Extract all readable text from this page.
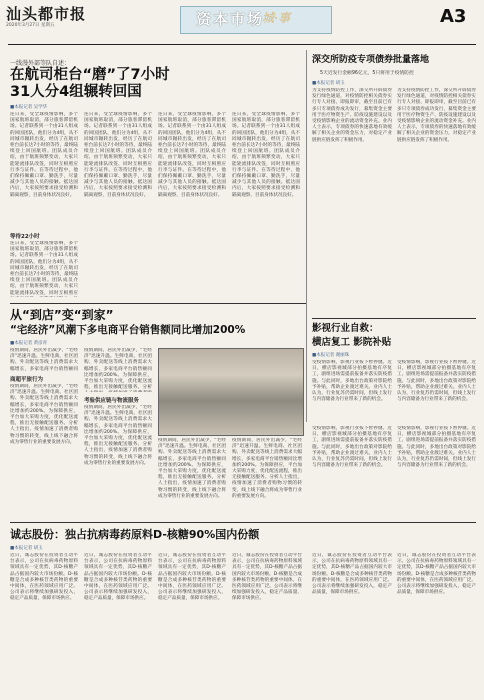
汕头都市报
2020年3月27日 星期五	资本市场
城·事	A3
一线漫外部等队自述：
在航司柜台“磨”了7小时
31人分4组辗转回国
■本报记者 吴学华
连日来，受全球疫情影响，多个国家航班取消，部分旅客滞留机场。记者联系到一个由31人组成的回国团队，他们分为4组，从不同城市辗转出发，经历了在航司柜台前长达7小时的等待，最终陆续登上回国航班。团队成员介绍，由于航班频繁变动，大家只能轮流排队改签，同时互相照应行李与证件。在等待过程中，他们保持佩戴口罩、勤洗手，尽量减少与其他人员的接触。抵达国内后，大家按照要求接受检测和隔离观察，目前身体状况良好。
等待22小时
连日来，受全球疫情影响，多个国家航班取消，部分旅客滞留机场。记者联系到一个由31人组成的回国团队，他们分为4组，从不同城市辗转出发，经历了在航司柜台前长达7小时的等待，最终陆续登上回国航班。团队成员介绍，由于航班频繁变动，大家只能轮流排队改签，同时互相照应
连日来，受全球疫情影响，多个国家航班取消，部分旅客滞留机场。记者联系到一个由31人组成的回国团队，他们分为4组，从不同城市辗转出发，经历了在航司柜台前长达7小时的等待，最终陆续登上回国航班。团队成员介绍，由于航班频繁变动，大家只能轮流排队改签，同时互相照应行李与证件。在等待过程中，他们保持佩戴口罩、勤洗手，尽量减少与其他人员的接触。抵达国内后，大家按照要求接受检测和隔离观察，目前身体状况良好。
连日来，受全球疫情影响，多个国家航班取消，部分旅客滞留机场。记者联系到一个由31人组成的回国团队，他们分为4组，从不同城市辗转出发，经历了在航司柜台前长达7小时的等待，最终陆续登上回国航班。团队成员介绍，由于航班频繁变动，大家只能轮流排队改签，同时互相照应行李与证件。在等待过程中，他们保持佩戴口罩、勤洗手，尽量减少与其他人员的接触。抵达国内后，大家按照要求接受检测和隔离观察，目前身体状况良好。
连日来，受全球疫情影响，多个国家航班取消，部分旅客滞留机场。记者联系到一个由31人组成的回国团队，他们分为4组，从不同城市辗转出发，经历了在航司柜台前长达7小时的等待，最终陆续登上回国航班。团队成员介绍，由于航班频繁变动，大家只能轮流排队改签，同时互相照应行李与证件。在等待过程中，他们保持佩戴口罩、勤洗手，尽量减少与其他人员的接触。抵达国内后，大家按照要求接受检测和隔离观察，目前身体状况良好。
深交所防疫专项债券批量落地
5天近发行金额96亿元，5只将用于疫情防控
■本报记者 胡玉
为支持疫情防控工作，深交所开辟债券发行绿色通道，对疫情防控相关债券实行专人对接、即报即审，截至目前已有多只专项债券成功发行，募集资金主要用于医疗物资生产、防疫设施建设以及受疫情影响企业的流动资金补充。业内人士表示，专项债券的快速落地有效缓解了相关企业的资金压力，对稳定产业链供应链发挥了积极作用。
为支持疫情防控工作，深交所开辟债券发行绿色通道，对疫情防控相关债券实行专人对接、即报即审，截至目前已有多只专项债券成功发行，募集资金主要用于医疗物资生产、防疫设施建设以及受疫情影响企业的流动资金补充。业内人士表示，专项债券的快速落地有效缓解了相关企业的资金压力，对稳定产业链供应链发挥了积极作用。
影视行业自救：
横店复工 影院补贴
■本报记者 谢丽珠
受疫情影响，影视行业按下暂停键。近日，横店影视城部分拍摄基地有序复工，剧组进场需提前报备并落实防疫措施。与此同时，多地出台政策对影院给予补贴，帮助企业渡过难关。业内人士认为，行业复苏仍需时间，但线上发行与内容储备为行业带来了新的机会。
受疫情影响，影视行业按下暂停键。近日，横店影视城部分拍摄基地有序复工，剧组进场需提前报备并落实防疫措施。与此同时，多地出台政策对影院给予补贴，帮助企业渡过难关。业内人士认为，行业复苏仍需时间，但线上发行与内容储备为行业带来了新的机会。
从“到店”变“到家”
“宅经济”风潮下多电商平台销售额同比增加200%
■本报记者 黄彦青
疫情期间，居民外出减少，“宅经济”迅速升温。生鲜电商、社区团购、外卖配送等线上消费需求大幅增长，多家电商平台销售额同
商超平旅行为
疫情期间，居民外出减少，“宅经济”迅速升温。生鲜电商、社区团购、外卖配送等线上消费需求大幅增长，多家电商平台销售额同比增加约200%。为保障供应，平台加大采购力度，优化配送流程，推出无接触配送服务。分析人士指出，疫情加速了消费者购物习惯的转变，线上线下融合将成为零售行业的重要发展方向。
疫情期间，居民外出减少，“宅经济”迅速升温。生鲜电商、社区团购、外卖配送等线上消费需求大幅增长，多家电商平台销售额同比增加约200%。为保障供应，平台加大采购力度，优化配送流程，推出无接触配送服务。分析
考验供应链与物流服务
疫情期间，居民外出减少，“宅经济”迅速升温。生鲜电商、社区团购、外卖配送等线上消费需求大幅增长，多家电商平台销售额同比增加约200%。为保障供应，平台加大采购力度，优化配送流程，推出无接触配送服务。分析人士指出，疫情加速了消费者购物习惯的转变，线上线下融合将成为零售行业的重要发展方向。
疫情期间，居民外出减少，“宅经济”迅速升温。生鲜电商、社区团购、外卖配送等线上消费需求大幅增长，多家电商平台销售额同比增加约200%。为保障供应，平台加大采购力度，优化配送流程，推出无接触配送服务。分析人士指出，疫情加速了消费者购物习惯的转变，线上线下融合将成为零售行业的重要发展方向。
疫情期间，居民外出减少，“宅经济”迅速升温。生鲜电商、社区团购、外卖配送等线上消费需求大幅增长，多家电商平台销售额同比增加约200%。为保障供应，平台加大采购力度，优化配送流程，推出无接触配送服务。分析人士指出，疫情加速了消费者购物习惯的转变，线上线下融合将成为零售行业的重要发展方向。
受疫情影响，影视行业按下暂停键。近日，横店影视城部分拍摄基地有序复工，剧组进场需提前报备并落实防疫措施。与此同时，多地出台政策对影院给予补贴，帮助企业渡过难关。业内人士认为，行业复苏仍需时间，但线上发行与内容储备为行业带来了新的机会。
受疫情影响，影视行业按下暂停键。近日，横店影视城部分拍摄基地有序复工，剧组进场需提前报备并落实防疫措施。与此同时，多地出台政策对影院给予补贴，帮助企业渡过难关。业内人士认为，行业复苏仍需时间，但线上发行与内容储备为行业带来了新的机会。
诚志股份：独占抗病毒药原料D-核糖90%国内份额
■本报记者 胡玉
近日，诚志股份在投资者互动平台表示，公司在抗病毒药物原料领域具有一定优势，其D-核糖产品占据国内较大市场份额。D-核糖是合成多种核苷类药物的重要中间体，在医药领域应用广泛。公司表示将继续加强研发投入，稳定产品质量，保障市场供应。
近日，诚志股份在投资者互动平台表示，公司在抗病毒药物原料领域具有一定优势，其D-核糖产品占据国内较大市场份额。D-核糖是合成多种核苷类药物的重要中间体，在医药领域应用广泛。公司表示将继续加强研发投入，稳定产品质量，保障市场供应。
近日，诚志股份在投资者互动平台表示，公司在抗病毒药物原料领域具有一定优势，其D-核糖产品占据国内较大市场份额。D-核糖是合成多种核苷类药物的重要中间体，在医药领域应用广泛。公司表示将继续加强研发投入，稳定产品质量，保障市场供应。
近日，诚志股份在投资者互动平台表示，公司在抗病毒药物原料领域具有一定优势，其D-核糖产品占据国内较大市场份额。D-核糖是合成多种核苷类药物的重要中间体，在医药领域应用广泛。公司表示将继续加强研发投入，稳定产品质量，保障市场供应。
近日，诚志股份在投资者互动平台表示，公司在抗病毒药物原料领域具有一定优势，其D-核糖产品占据国内较大市场份额。D-核糖是合成多种核苷类药物的重要中间体，在医药领域应用广泛。公司表示将继续加强研发投入，稳定产品质量，保障市场供应。
近日，诚志股份在投资者互动平台表示，公司在抗病毒药物原料领域具有一定优势，其D-核糖产品占据国内较大市场份额。D-核糖是合成多种核苷类药物的重要中间体，在医药领域应用广泛。公司表示将继续加强研发投入，稳定产品质量，保障市场供应。
